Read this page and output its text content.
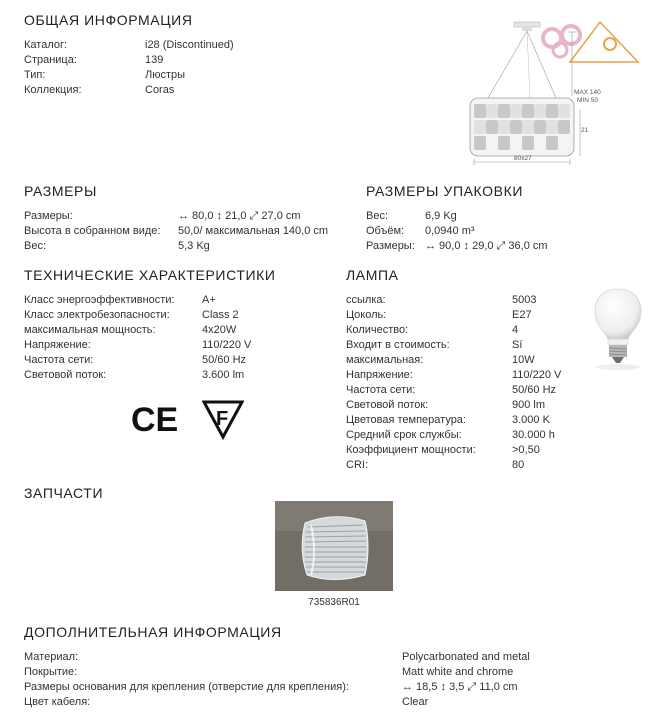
ОБЩАЯ ИНФОРМАЦИЯ
Каталог:	i28 (Discontinued)
Страница:	139
Тип:	Люстры
Коллекция:	Coras	MAX 140
MIN 50
21
80x27
РАЗМЕРЫ
Размеры:	↔ 80,0 ↕ 21,0 ⤢ 27,0 cm
Высота в собранном виде: 50,0/ максимальная 140,0 cm
Вес:	5,3 Kg
РАЗМЕРЫ УПАКОВКИ
Вес:	6,9 Kg
Объём: 0,0940 m³
Размеры: ↔ 90,0 ↕ 29,0 ⤢ 36,0 cm
ТЕХНИЧЕСКИЕ ХАРАКТЕРИСТИКИ
Класс энергоэффективности: A+
Класс электробезопасности:	Class 2
максимальная мощность:	4x20W
Напряжение:	110/220 V
Частота сети:	50/60 Hz
Световой поток:	3.600 lm
CE F
ЛАМПА
ссылка:	5003
Цоколь:	E27
Количество:	4
Входит в стоимость:	Sí
максимальная:	10W
Напряжение:	110/220 V
Частота сети:	50/60 Hz
Световой поток:	900 lm
Цветовая температура:	3.000 K
Средний срок службы:	30.000 h
Коэффициент мощности:	>0,50
CRI:	80
ЗАПЧАСТИ
735836R01
ДОПОЛНИТЕЛЬНАЯ ИНФОРМАЦИЯ
Материал:	Polycarbonated and metal
Покрытие:	Matt white and chrome
Размеры основания для крепления (отверстие для крепления):	↔ 18,5 ↕ 3,5 ⤢ 11,0 cm
Цвет кабеля:	Clear
